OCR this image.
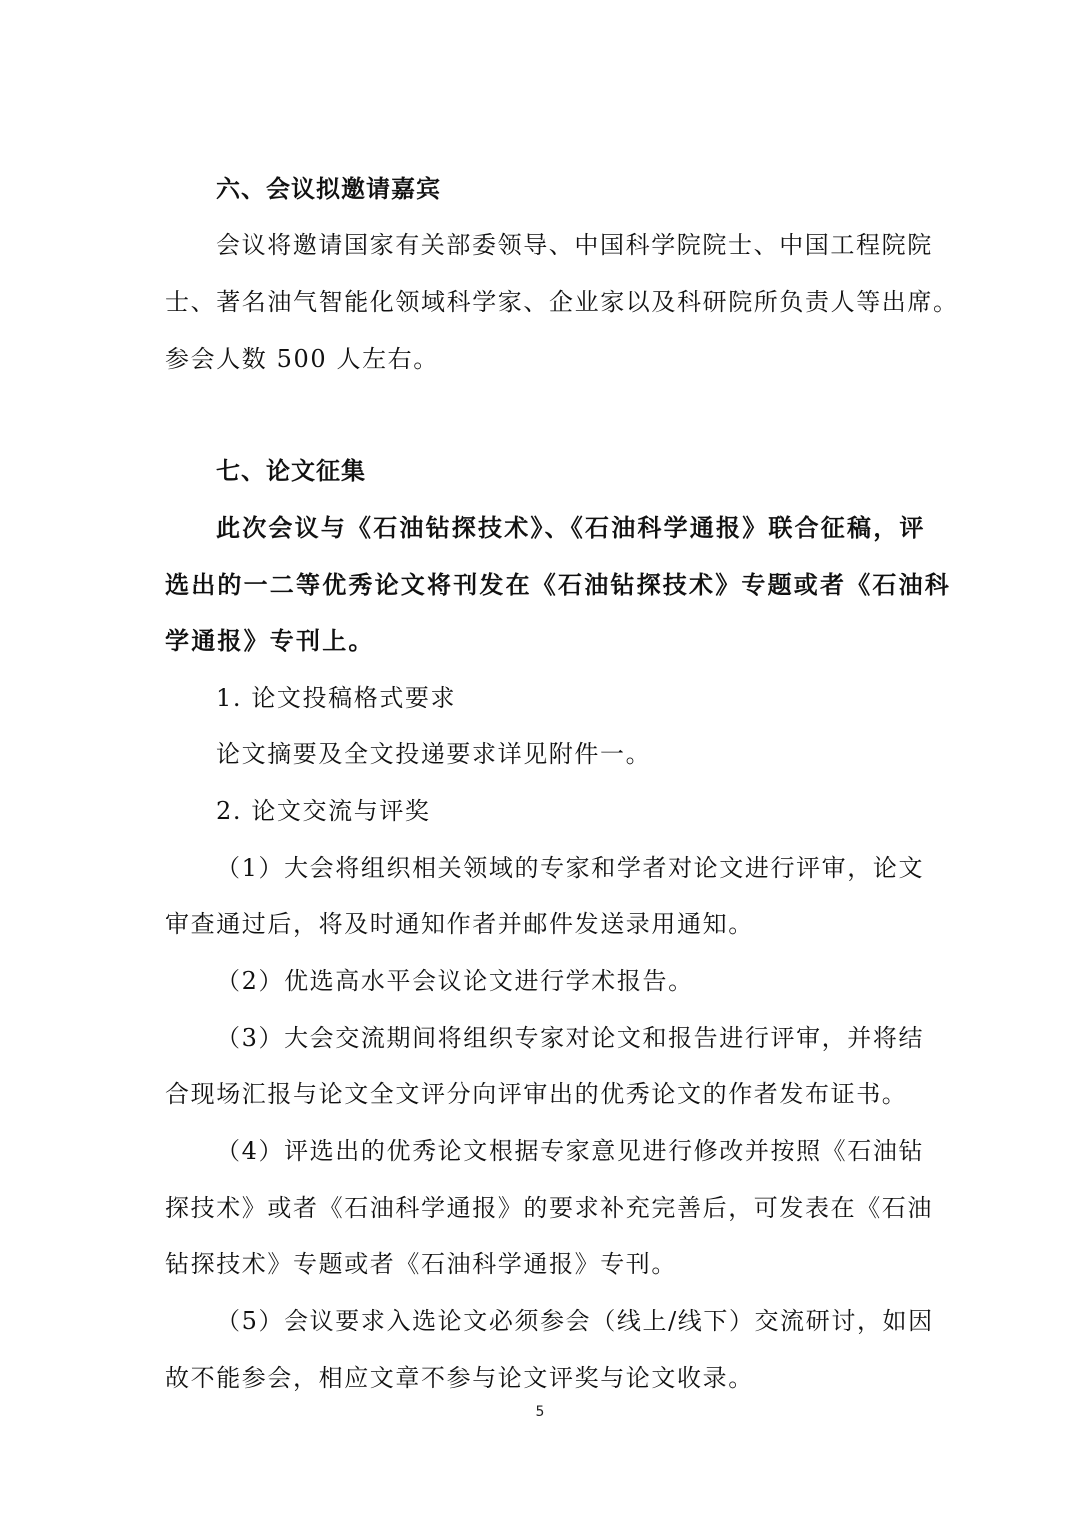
六、会议拟邀请嘉宾
会议将邀请国家有关部委领导、中国科学院院士、中国工程院院
士、著名油气智能化领域科学家、企业家以及科研院所负责人等出席。
参会人数 500 人左右。
七、论文征集
此次会议与《石油钻探技术》、《石油科学通报》联合征稿，评
选出的一二等优秀论文将刊发在《石油钻探技术》专题或者《石油科
学通报》专刊上。
1. 论文投稿格式要求
论文摘要及全文投递要求详见附件一。
2. 论文交流与评奖
（1）大会将组织相关领域的专家和学者对论文进行评审，论文
审查通过后，将及时通知作者并邮件发送录用通知。
（2）优选高水平会议论文进行学术报告。
（3）大会交流期间将组织专家对论文和报告进行评审，并将结
合现场汇报与论文全文评分向评审出的优秀论文的作者发布证书。
（4）评选出的优秀论文根据专家意见进行修改并按照《石油钻
探技术》或者《石油科学通报》的要求补充完善后，可发表在《石油
钻探技术》专题或者《石油科学通报》专刊。
（5）会议要求入选论文必须参会（线上/线下）交流研讨，如因
故不能参会，相应文章不参与论文评奖与论文收录。
5
